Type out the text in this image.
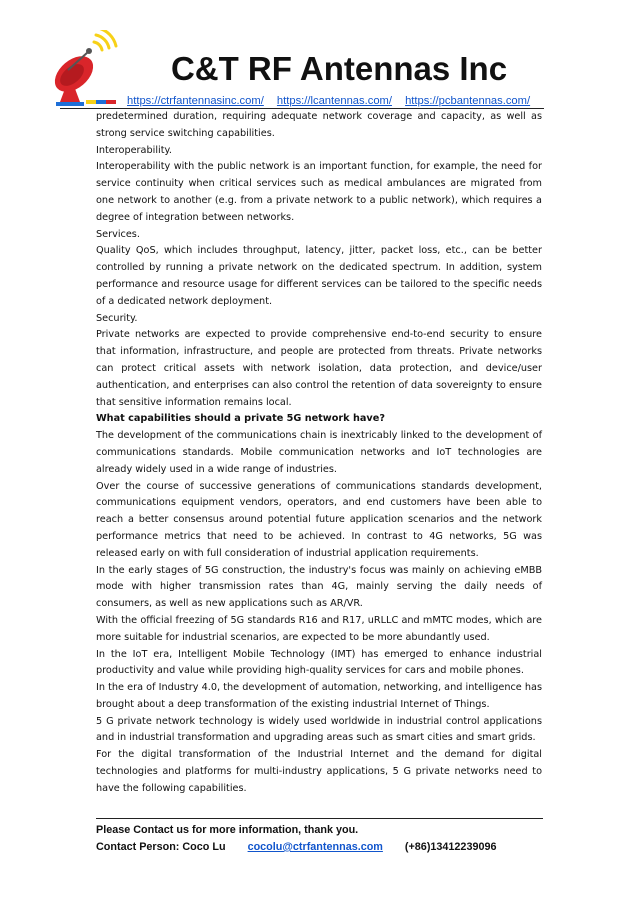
C&T RF Antennas Inc
https://ctrfantennasinc.com/ https://lcantennas.com/ https://pcbantennas.com/

predetermined duration, requiring adequate network coverage and capacity, as well as strong service switching capabilities.

Interoperability.

Interoperability with the public network is an important function, for example, the need for service continuity when critical services such as medical ambulances are migrated from one network to another (e.g. from a private network to a public network), which requires a degree of integration between networks.

Services.

Quality QoS, which includes throughput, latency, jitter, packet loss, etc., can be better controlled by running a private network on the dedicated spectrum. In addition, system performance and resource usage for different services can be tailored to the specific needs of a dedicated network deployment.

Security.

Private networks are expected to provide comprehensive end-to-end security to ensure that information, infrastructure, and people are protected from threats. Private networks can protect critical assets with network isolation, data protection, and device/user authentication, and enterprises can also control the retention of data sovereignty to ensure that sensitive information remains local.

What capabilities should a private 5G network have?

The development of the communications chain is inextricably linked to the development of communications standards. Mobile communication networks and IoT technologies are already widely used in a wide range of industries.

Over the course of successive generations of communications standards development, communications equipment vendors, operators, and end customers have been able to reach a better consensus around potential future application scenarios and the network performance metrics that need to be achieved. In contrast to 4G networks, 5G was released early on with full consideration of industrial application requirements.

In the early stages of 5G construction, the industry's focus was mainly on achieving eMBB mode with higher transmission rates than 4G, mainly serving the daily needs of consumers, as well as new applications such as AR/VR.

With the official freezing of 5G standards R16 and R17, uRLLC and mMTC modes, which are more suitable for industrial scenarios, are expected to be more abundantly used.

In the IoT era, Intelligent Mobile Technology (IMT) has emerged to enhance industrial productivity and value while providing high-quality services for cars and mobile phones.

In the era of Industry 4.0, the development of automation, networking, and intelligence has brought about a deep transformation of the existing industrial Internet of Things.

5 G private network technology is widely used worldwide in industrial control applications and in industrial transformation and upgrading areas such as smart cities and smart grids.

For the digital transformation of the Industrial Internet and the demand for digital technologies and platforms for multi-industry applications, 5 G private networks need to have the following capabilities.

Please Contact us for more information, thank you.
Contact Person: Coco Lu cocolu@ctrfantennas.com (+86)13412239096
